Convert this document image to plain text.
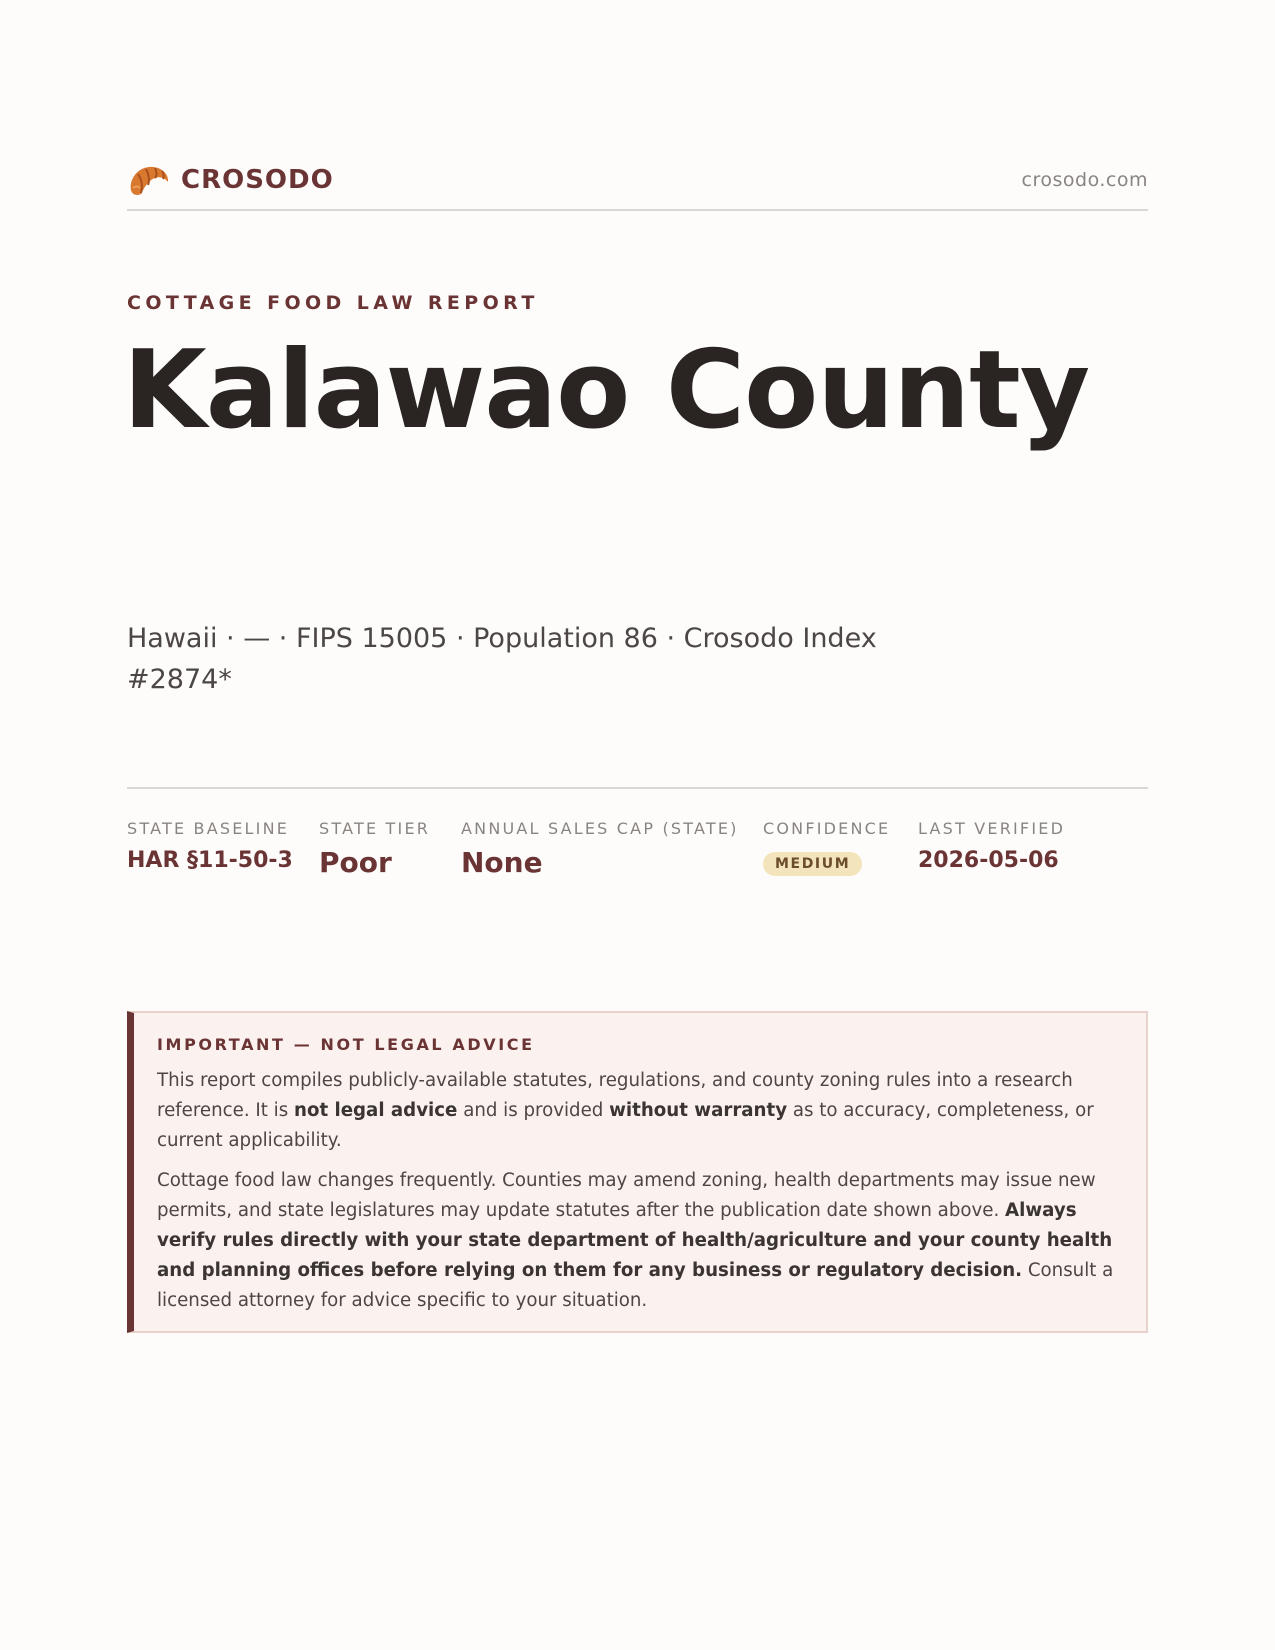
CROSODO	crosodo.com
COTTAGE FOOD LAW REPORT
Kalawao County
Hawaii · — · FIPS 15005 · Population 86 · Crosodo Index #2874*
STATE BASELINE
HAR §11-50-3
STATE TIER
Poor
ANNUAL SALES CAP (STATE)
None
CONFIDENCE
MEDIUM
LAST VERIFIED
2026-05-06
IMPORTANT — NOT LEGAL ADVICE

This report compiles publicly-available statutes, regulations, and county zoning rules into a research reference. It is not legal advice and is provided without warranty as to accuracy, completeness, or current applicability.

Cottage food law changes frequently. Counties may amend zoning, health departments may issue new permits, and state legislatures may update statutes after the publication date shown above. Always verify rules directly with your state department of health/agriculture and your county health and planning offices before relying on them for any business or regulatory decision. Consult a licensed attorney for advice specific to your situation.
